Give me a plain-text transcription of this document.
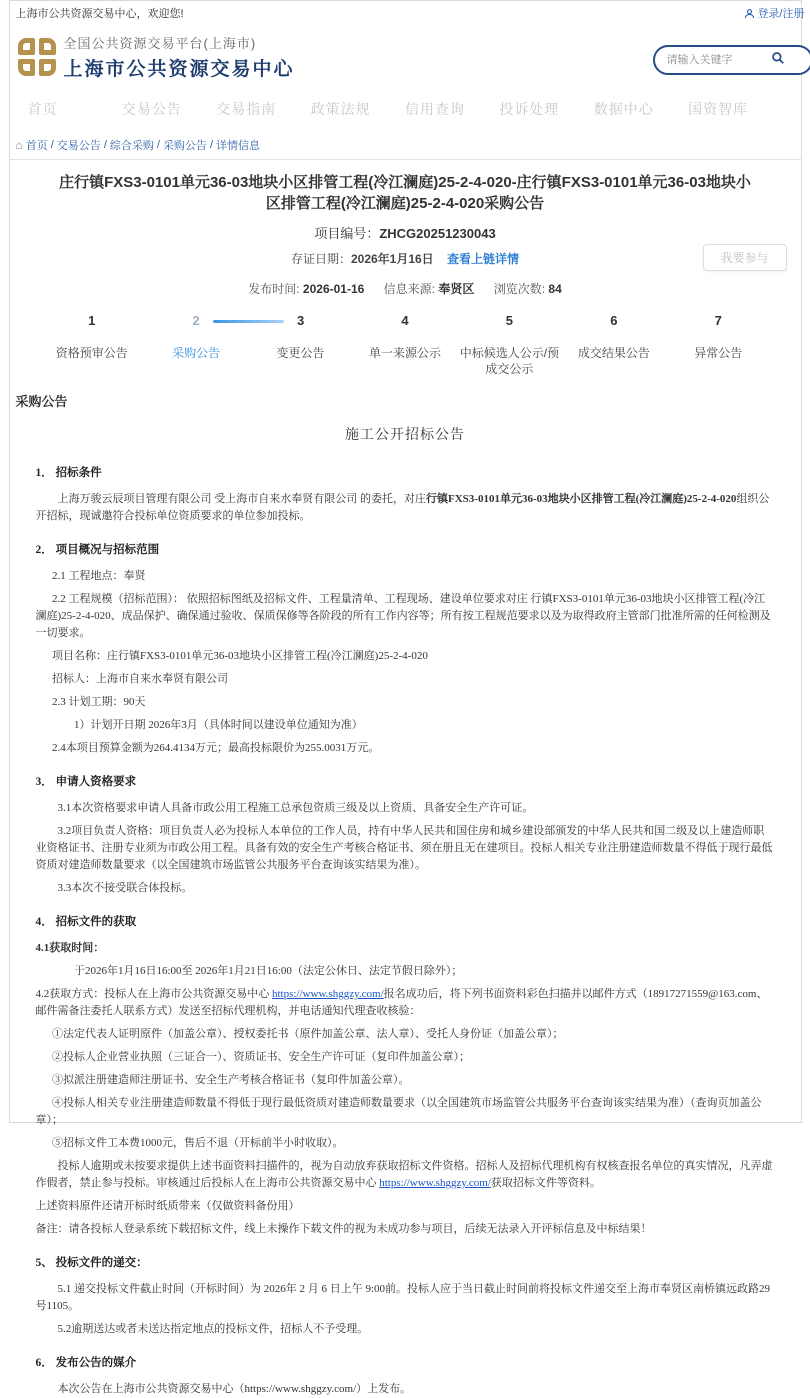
上海市公共资源交易中心，欢迎您!	登录/注册
全国公共资源交易平台(上海市)
上海市公共资源交易中心
请输入关键字
首页	交易公告	交易指南	政策法规	信用查询	投诉处理	数据中心	国资智库
⌂ 首页 / 交易公告 / 综合采购 / 采购公告 / 详情信息
庄行镇FXS3-0101单元36-03地块小区排管工程(冷江澜庭)25-2-4-020-庄行镇FXS3-0101单元36-03地块小区排管工程(冷江澜庭)25-2-4-020采购公告
项目编号：ZHCG20251230043
存证日期：2026年1月16日 查看上链详情
发布时间: 2026-01-16 信息来源: 奉贤区 浏览次数: 84
我要参与
1
资格预审公告
2
采购公告
3
变更公告
4
单一来源公示
5
中标候选人公示/预成交公示
6
成交结果公告
7
异常公告
采购公告
施工公开招标公告
1． 招标条件

上海万骏云辰项目管理有限公司 受上海市自来水奉贤有限公司 的委托，对庄行镇FXS3-0101单元36-03地块小区排管工程(冷江澜庭)25-2-4-020组织公开招标，现诚邀符合投标单位资质要求的单位参加投标。

2． 项目概况与招标范围

2.1 工程地点：奉贤

2.2 工程规模（招标范围）： 依照招标图纸及招标文件、工程量清单、工程现场、建设单位要求对庄 行镇FXS3-0101单元36-03地块小区排管工程(冷江澜庭)25-2-4-020、成品保护、确保通过验收、保质保修等各阶段的所有工作内容等；所有按工程规范要求以及为取得政府主管部门批准所需的任何检测及一切要求。

项目名称：庄行镇FXS3-0101单元36-03地块小区排管工程(冷江澜庭)25-2-4-020

招标人：上海市自来水奉贤有限公司

2.3 计划工期：90天

1）计划开日期 2026年3月（具体时间以建设单位通知为准）

2.4本项目预算金额为264.4134万元；最高投标限价为255.0031万元。

3． 申请人资格要求

3.1本次资格要求申请人具备市政公用工程施工总承包资质三级及以上资质、具备安全生产许可证。

3.2项目负责人资格：项目负责人必为投标人本单位的工作人员，持有中华人民共和国住房和城乡建设部颁发的中华人民共和国二级及以上建造师职业资格证书、注册专业须为市政公用工程。具备有效的安全生产考核合格证书、须在册且无在建项目。投标人相关专业注册建造师数量不得低于现行最低资质对建造师数量要求（以全国建筑市场监管公共服务平台查询该实结果为准）。

3.3本次不接受联合体投标。

4． 招标文件的获取

4.1获取时间：

于2026年1月16日16:00至 2026年1月21日16:00（法定公休日、法定节假日除外）；

4.2获取方式：投标人在上海市公共资源交易中心 https://www.shggzy.com/报名成功后，将下列书面资料彩色扫描并以邮件方式（18917271559@163.com、邮件需备注委托人联系方式）发送至招标代理机构，并电话通知代理查收核验：

①法定代表人证明原件（加盖公章）、授权委托书（原件加盖公章、法人章）、受托人身份证（加盖公章）；

②投标人企业营业执照（三证合一）、资质证书、安全生产许可证（复印件加盖公章）；

③拟派注册建造师注册证书、安全生产考核合格证书（复印件加盖公章）。

④投标人相关专业注册建造师数量不得低于现行最低资质对建造师数量要求（以全国建筑市场监管公共服务平台查询该实结果为准）（查询页加盖公章）；

⑤招标文件工本费1000元，售后不退（开标前半小时收取）。

投标人逾期或未按要求提供上述书面资料扫描件的，视为自动放弃获取招标文件资格。招标人及招标代理机构有权核查报名单位的真实情况，凡弄虚作假者，禁止参与投标。审核通过后投标人在上海市公共资源交易中心 https://www.shggzy.com/获取招标文件等资料。

上述资料原件还请开标时纸质带来（仅做资料备份用）

备注：请各投标人登录系统下载招标文件，线上未操作下载文件的视为未成功参与项目，后续无法录入开评标信息及中标结果！

5、 投标文件的递交：

5.1 递交投标文件截止时间（开标时间）为 2026年 2 月 6 日上午 9:00前。投标人应于当日截止时间前将投标文件递交至上海市奉贤区南桥镇远政路29号1105。

5.2逾期送达或者未送达指定地点的投标文件，招标人不予受理。

6． 发布公告的媒介

本次公告在上海市公共资源交易中心（https://www.shggzy.com/）上发布。
